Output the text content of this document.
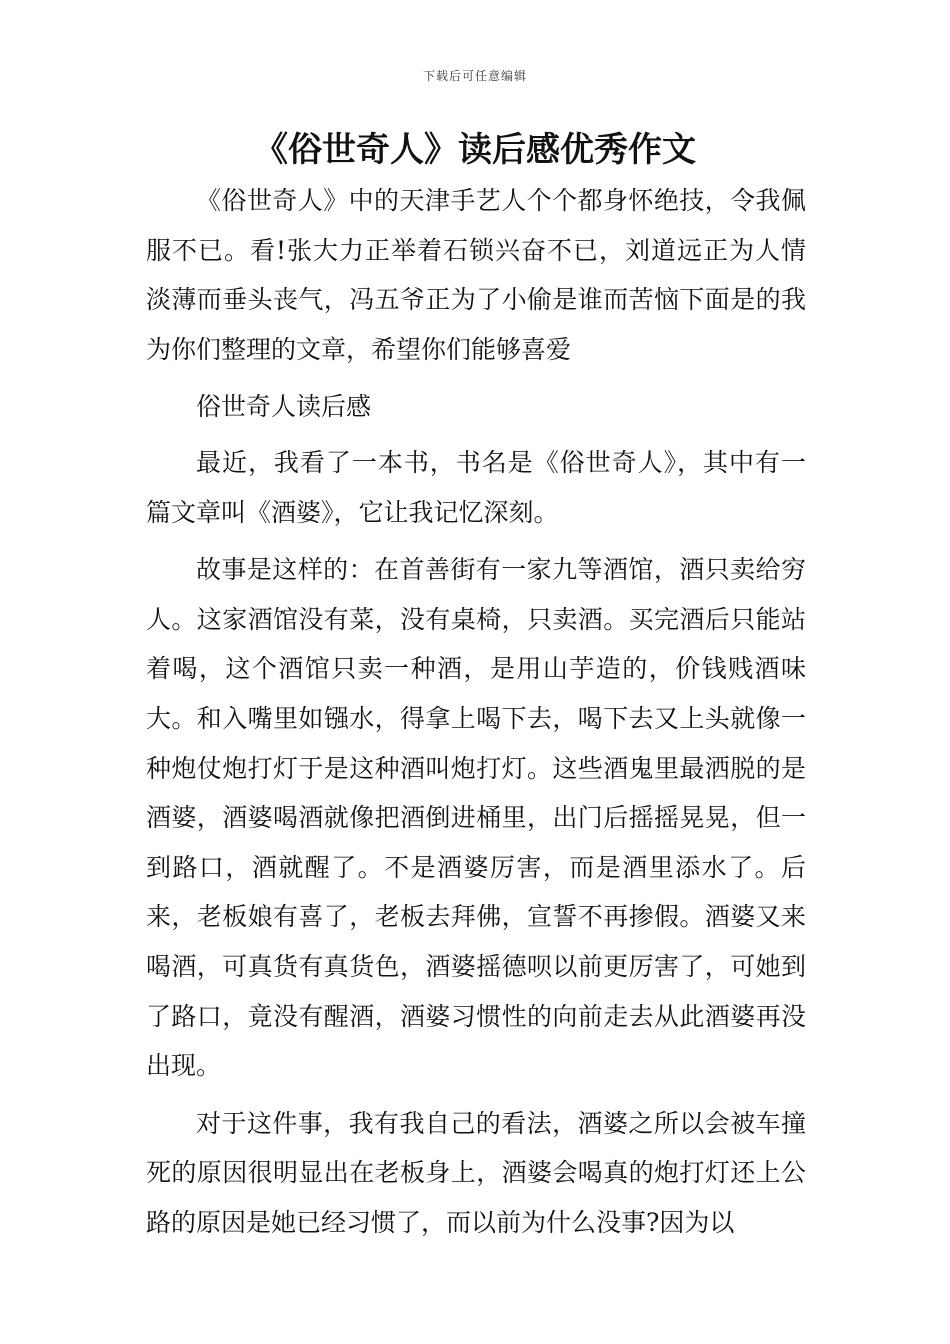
下载后可任意编辑
《俗世奇人》读后感优秀作文

《俗世奇人》中的天津手艺人个个都身怀绝技，令我佩服不已。看!张大力正举着石锁兴奋不已，刘道远正为人情淡薄而垂头丧气，冯五爷正为了小偷是谁而苦恼下面是的我为你们整理的文章，希望你们能够喜爱

俗世奇人读后感

最近，我看了一本书，书名是《俗世奇人》，其中有一篇文章叫《酒婆》，它让我记忆深刻。

故事是这样的：在首善街有一家九等酒馆，酒只卖给穷人。这家酒馆没有菜，没有桌椅，只卖酒。买完酒后只能站着喝，这个酒馆只卖一种酒，是用山芋造的，价钱贱酒味大。和入嘴里如镪水，得拿上喝下去，喝下去又上头就像一种炮仗炮打灯于是这种酒叫炮打灯。这些酒鬼里最洒脱的是酒婆，酒婆喝酒就像把酒倒进桶里，出门后摇摇晃晃，但一到路口，酒就醒了。不是酒婆厉害，而是酒里添水了。后来，老板娘有喜了，老板去拜佛，宣誓不再掺假。酒婆又来喝酒，可真货有真货色，酒婆摇德呗以前更厉害了，可她到了路口，竟没有醒酒，酒婆习惯性的向前走去从此酒婆再没出现。

对于这件事，我有我自己的看法，酒婆之所以会被车撞死的原因很明显出在老板身上，酒婆会喝真的炮打灯还上公路的原因是她已经习惯了，而以前为什么没事?因为以
